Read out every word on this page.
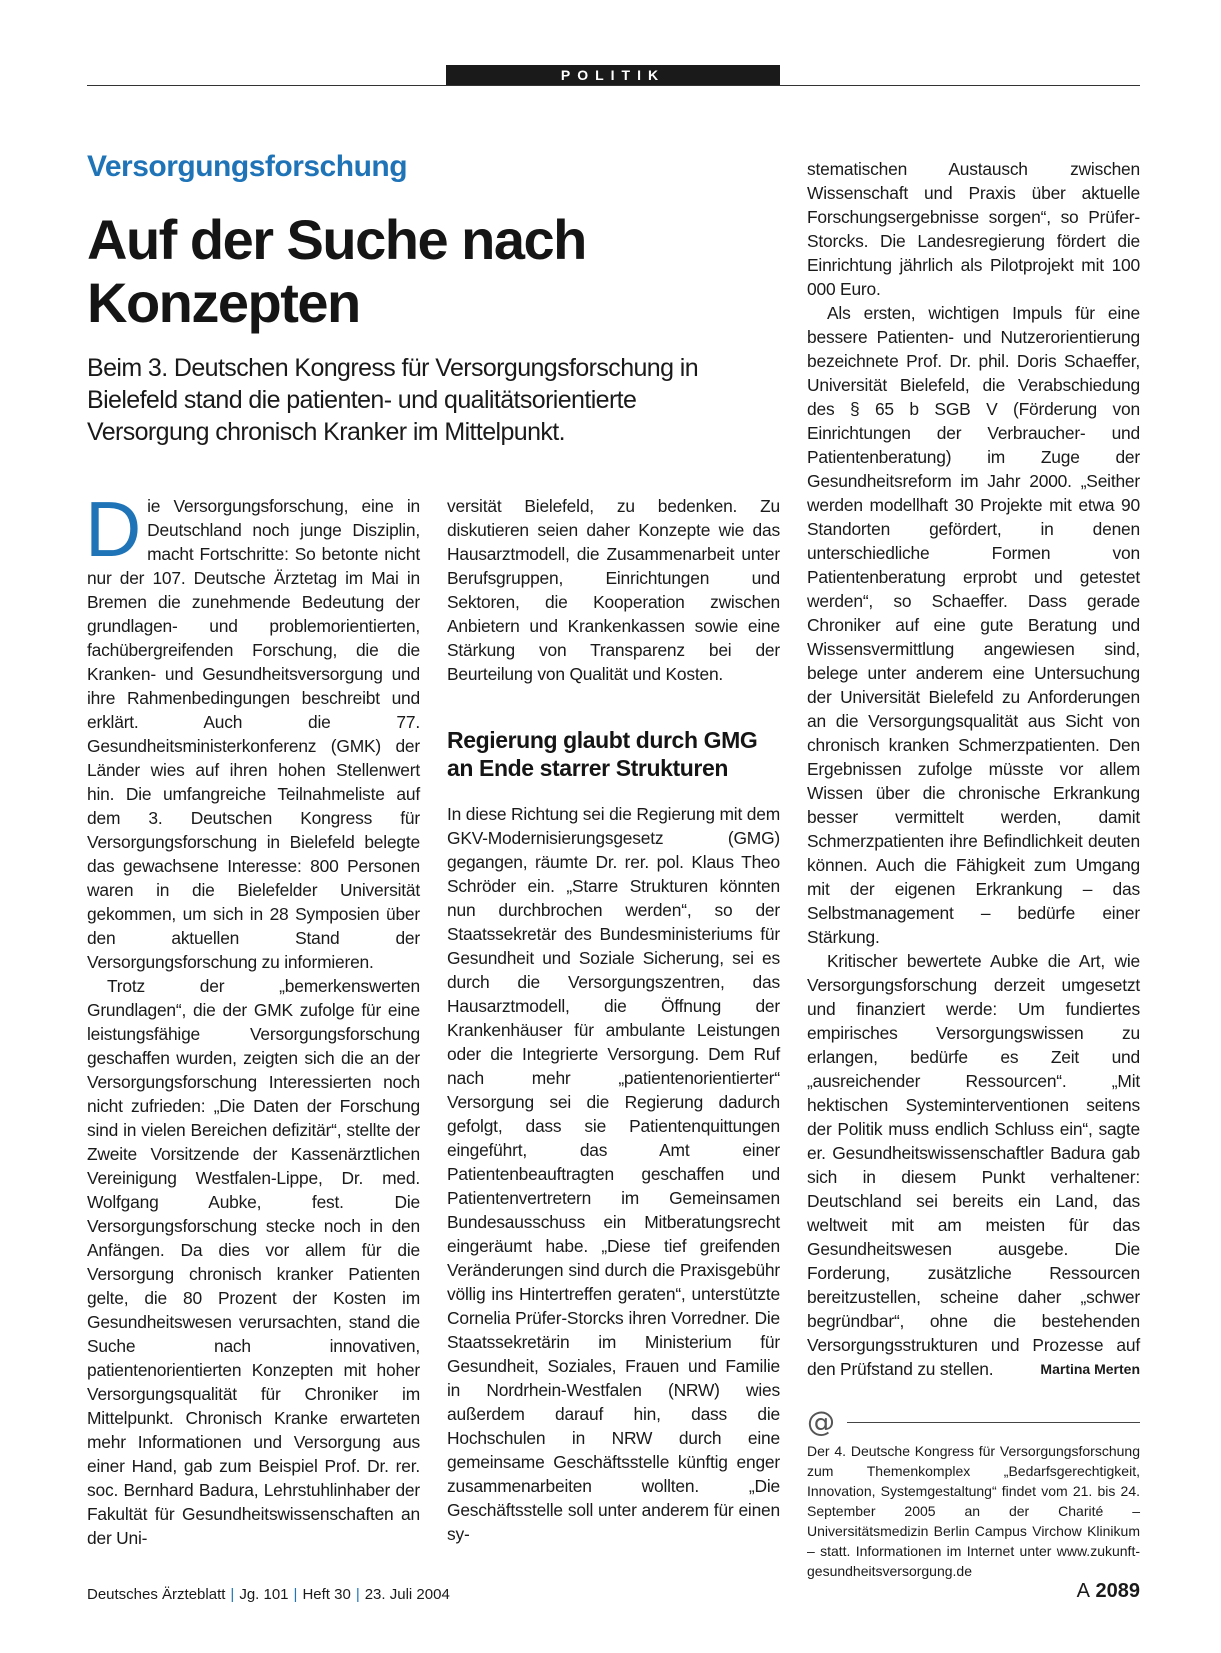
POLITIK
Versorgungsforschung
Auf der Suche nach Konzepten

Beim 3. Deutschen Kongress für Versorgungsforschung in Bielefeld stand die patienten- und qualitätsorientierte Versorgung chronisch Kranker im Mittelpunkt.

D ie Versorgungsforschung, eine in Deutschland noch junge Disziplin, macht Fortschritte: So betonte nicht nur der 107. Deutsche Ärztetag im Mai in Bremen die zunehmende Bedeutung der grundlagen- und problemorientierten, fachübergreifenden Forschung, die die Kranken- und Gesundheitsversorgung und ihre Rahmenbedingungen beschreibt und erklärt. Auch die 77. Gesundheitsministerkonferenz (GMK) der Länder wies auf ihren hohen Stellenwert hin. Die umfangreiche Teilnahmeliste auf dem 3. Deutschen Kongress für Versorgungsforschung in Bielefeld belegte das gewachsene Interesse: 800 Personen waren in die Bielefelder Universität gekommen, um sich in 28 Symposien über den aktuellen Stand der Versorgungsforschung zu informieren.

Trotz der „bemerkenswerten Grundlagen“, die der GMK zufolge für eine leistungsfähige Versorgungsforschung geschaffen wurden, zeigten sich die an der Versorgungsforschung Interessierten noch nicht zufrieden: „Die Daten der Forschung sind in vielen Bereichen defizitär“, stellte der Zweite Vorsitzende der Kassenärztlichen Vereinigung Westfalen-Lippe, Dr. med. Wolfgang Aubke, fest. Die Versorgungsforschung stecke noch in den Anfängen. Da dies vor allem für die Versorgung chronisch kranker Patienten gelte, die 80 Prozent der Kosten im Gesundheitswesen verursachten, stand die Suche nach innovativen, patientenorientierten Konzepten mit hoher Versorgungsqualität für Chroniker im Mittelpunkt. Chronisch Kranke erwarteten mehr Informationen und Versorgung aus einer Hand, gab zum Beispiel Prof. Dr. rer. soc. Bernhard Badura, Lehrstuhlinhaber der Fakultät für Gesundheitswissenschaften an der Uni-

versität Bielefeld, zu bedenken. Zu diskutieren seien daher Konzepte wie das Hausarztmodell, die Zusammenarbeit unter Berufsgruppen, Einrichtungen und Sektoren, die Kooperation zwischen Anbietern und Krankenkassen sowie eine Stärkung von Transparenz bei der Beurteilung von Qualität und Kosten.

Regierung glaubt durch GMG an Ende starrer Strukturen

In diese Richtung sei die Regierung mit dem GKV-Modernisierungsgesetz (GMG) gegangen, räumte Dr. rer. pol. Klaus Theo Schröder ein. „Starre Strukturen könnten nun durchbrochen werden“, so der Staatssekretär des Bundesministeriums für Gesundheit und Soziale Sicherung, sei es durch die Versorgungszentren, das Hausarztmodell, die Öffnung der Krankenhäuser für ambulante Leistungen oder die Integrierte Versorgung. Dem Ruf nach mehr „patientenorientierter“ Versorgung sei die Regierung dadurch gefolgt, dass sie Patientenquittungen eingeführt, das Amt einer Patientenbeauftragten geschaffen und Patientenvertretern im Gemeinsamen Bundesausschuss ein Mitberatungsrecht eingeräumt habe. „Diese tief greifenden Veränderungen sind durch die Praxisgebühr völlig ins Hintertreffen geraten“, unterstützte Cornelia Prüfer-Storcks ihren Vorredner. Die Staatssekretärin im Ministerium für Gesundheit, Soziales, Frauen und Familie in Nordrhein-Westfalen (NRW) wies außerdem darauf hin, dass die Hochschulen in NRW durch eine gemeinsame Geschäftsstelle künftig enger zusammenarbeiten wollten. „Die Geschäftsstelle soll unter anderem für einen sy-

stematischen Austausch zwischen Wissenschaft und Praxis über aktuelle Forschungsergebnisse sorgen“, so Prüfer-Storcks. Die Landesregierung fördert die Einrichtung jährlich als Pilotprojekt mit 100 000 Euro.

Als ersten, wichtigen Impuls für eine bessere Patienten- und Nutzerorientierung bezeichnete Prof. Dr. phil. Doris Schaeffer, Universität Bielefeld, die Verabschiedung des § 65 b SGB V (Förderung von Einrichtungen der Verbraucher- und Patientenberatung) im Zuge der Gesundheitsreform im Jahr 2000. „Seither werden modellhaft 30 Projekte mit etwa 90 Standorten gefördert, in denen unterschiedliche Formen von Patientenberatung erprobt und getestet werden“, so Schaeffer. Dass gerade Chroniker auf eine gute Beratung und Wissensvermittlung angewiesen sind, belege unter anderem eine Untersuchung der Universität Bielefeld zu Anforderungen an die Versorgungsqualität aus Sicht von chronisch kranken Schmerzpatienten. Den Ergebnissen zufolge müsste vor allem Wissen über die chronische Erkrankung besser vermittelt werden, damit Schmerzpatienten ihre Befindlichkeit deuten können. Auch die Fähigkeit zum Umgang mit der eigenen Erkrankung – das Selbstmanagement – bedürfe einer Stärkung.

Kritischer bewertete Aubke die Art, wie Versorgungsforschung derzeit umgesetzt und finanziert werde: Um fundiertes empirisches Versorgungswissen zu erlangen, bedürfe es Zeit und „ausreichender Ressourcen“. „Mit hektischen Systeminterventionen seitens der Politik muss endlich Schluss ein“, sagte er. Gesundheitswissenschaftler Badura gab sich in diesem Punkt verhaltener: Deutschland sei bereits ein Land, das weltweit mit am meisten für das Gesundheitswesen ausgebe. Die Forderung, zusätzliche Ressourcen bereitzustellen, scheine daher „schwer begründbar“, ohne die bestehenden Versorgungsstrukturen und Prozesse auf den Prüfstand zu stellen.	Martina Merten

@

Der 4. Deutsche Kongress für Versorgungsforschung zum Themenkomplex „Bedarfsgerechtigkeit, Innovation, Systemgestaltung“ findet vom 21. bis 24. September 2005 an der Charité – Universitätsmedizin Berlin Campus Virchow Klinikum – statt. Informationen im Internet unter www.zukunft-gesundheitsversorgung.de

Deutsches Ärzteblatt | Jg. 101 | Heft 30 | 23. Juli 2004	A 2089
